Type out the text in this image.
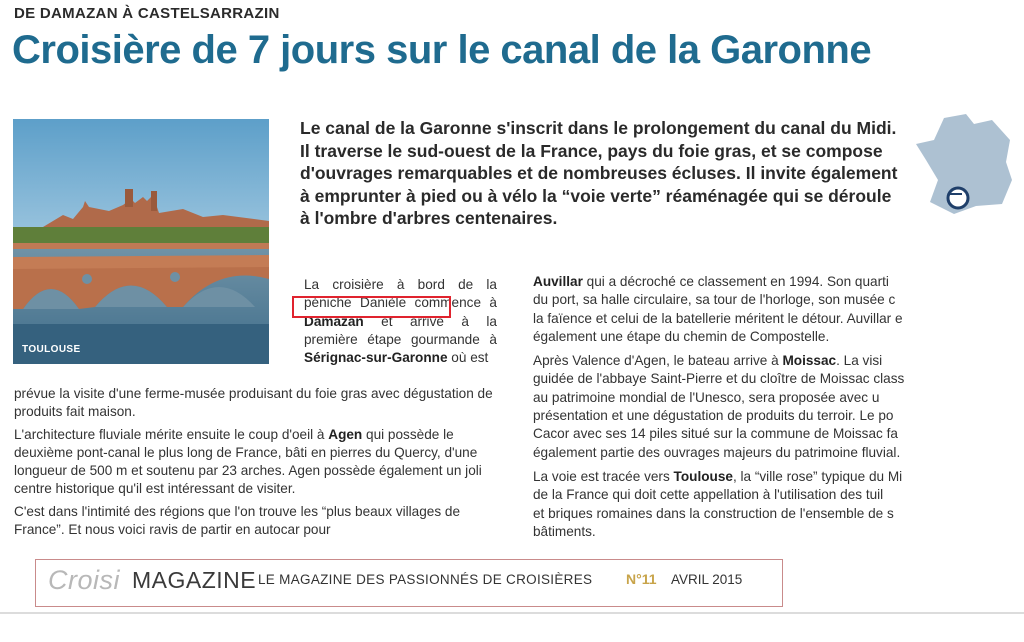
DE DAMAZAN À CASTELSARRAZIN
Croisière de 7 jours sur le canal de la Garonne
TOULOUSE

Le canal de la Garonne s'inscrit dans le prolongement du canal du Midi. Il traverse le sud-ouest de la France, pays du foie gras, et se compose d'ouvrages remarquables et de nombreuses écluses. Il invite également à emprunter à pied ou à vélo la “voie verte” réaménagée qui se déroule à l'ombre d'arbres centenaires.

La croisière à bord de la péniche Danièle commence à Damazan et arrive à la première étape gourmande à Sérignac-sur-Garonne où est

prévue la visite d'une ferme-musée produisant du foie gras avec dégustation de produits fait maison.

L'architecture fluviale mérite ensuite le coup d'oeil à Agen qui possède le deuxième pont-canal le plus long de France, bâti en pierres du Quercy, d'une longueur de 500 m et soutenu par 23 arches. Agen possède également un joli centre historique qu'il est intéressant de visiter.

C'est dans l'intimité des régions que l'on trouve les “plus beaux villages de France”. Et nous voici ravis de partir en autocar pour

Auvillar qui a décroché ce classement en 1994. Son quarti
du port, sa halle circulaire, sa tour de l'horloge, son musée c
la faïence et celui de la batellerie méritent le détour. Auvillar e
également une étape du chemin de Compostelle.

Après Valence d'Agen, le bateau arrive à Moissac. La visi
guidée de l'abbaye Saint-Pierre et du cloître de Moissac class
au patrimoine mondial de l'Unesco, sera proposée avec u
présentation et une dégustation de produits du terroir. Le po
Cacor avec ses 14 piles situé sur la commune de Moissac fa
également partie des ouvrages majeurs du patrimoine fluvial.

La voie est tracée vers Toulouse, la “ville rose” typique du Mi
de la France qui doit cette appellation à l'utilisation des tuil
et briques romaines dans la construction de l'ensemble de s
bâtiments.

Croisi MAGAZINE LE MAGAZINE DES PASSIONNÉS DE CROISIÈRES N°11 AVRIL 2015
